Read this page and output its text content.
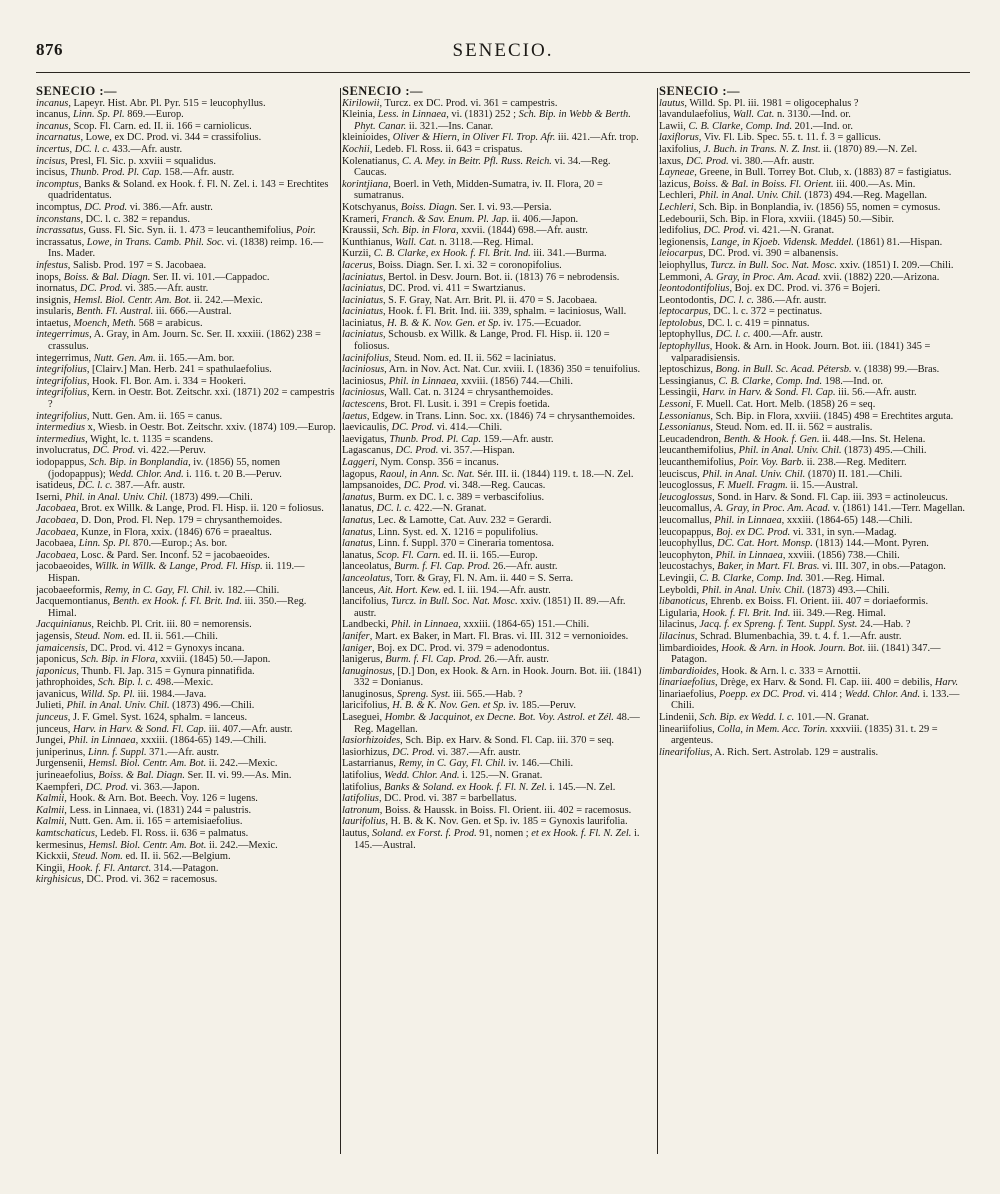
876	SENECIO.
SENECIO :—

incanus, Lapeyr. Hist. Abr. Pl. Pyr. 515 = leucophyllus.

incanus, Linn. Sp. Pl. 869.—Europ.

incanus, Scop. Fl. Carn. ed. II. ii. 166 = carniolicus.

incarnatus, Lowe, ex DC. Prod. vi. 344 = crassifolius.

incertus, DC. l. c. 433.—Afr. austr.

incisus, Presl, Fl. Sic. p. xxviii = squalidus.

incisus, Thunb. Prod. Pl. Cap. 158.—Afr. austr.

incomptus, Banks & Soland. ex Hook. f. Fl. N. Zel. i. 143 = Erechtites quadridentatus.

incomptus, DC. Prod. vi. 386.—Afr. austr.

inconstans, DC. l. c. 382 = repandus.

incrassatus, Guss. Fl. Sic. Syn. ii. 1. 473 = leucanthemifolius, Poir.

incrassatus, Lowe, in Trans. Camb. Phil. Soc. vi. (1838) reimp. 16.—Ins. Mader.

infestus, Salisb. Prod. 197 = S. Jacobaea.

inops, Boiss. & Bal. Diagn. Ser. II. vi. 101.—Cappadoc.

inornatus, DC. Prod. vi. 385.—Afr. austr.

insignis, Hemsl. Biol. Centr. Am. Bot. ii. 242.—Mexic.

insularis, Benth. Fl. Austral. iii. 666.—Austral.

intaetus, Moench, Meth. 568 = arabicus.

integerrimus, A. Gray, in Am. Journ. Sc. Ser. II. xxxiii. (1862) 238 = crassulus.

integerrimus, Nutt. Gen. Am. ii. 165.—Am. bor.

integrifolius, [Clairv.] Man. Herb. 241 = spathulaefolius.

integrifolius, Hook. Fl. Bor. Am. i. 334 = Hookeri.

integrifolius, Kern. in Oestr. Bot. Zeitschr. xxi. (1871) 202 = campestris ?

integrifolius, Nutt. Gen. Am. ii. 165 = canus.

intermedius x, Wiesb. in Oestr. Bot. Zeitschr. xxiv. (1874) 109.—Europ.

intermedius, Wight, lc. t. 1135 = scandens.

involucratus, DC. Prod. vi. 422.—Peruv.

iodopappus, Sch. Bip. in Bonplandia, iv. (1856) 55, nomen (jodopappus); Wedd. Chlor. And. i. 116. t. 20 B.—Peruv.

isatideus, DC. l. c. 387.—Afr. austr.

Iserni, Phil. in Anal. Univ. Chil. (1873) 499.—Chili.

Jacobaea, Brot. ex Willk. & Lange, Prod. Fl. Hisp. ii. 120 = foliosus.

Jacobaea, D. Don, Prod. Fl. Nep. 179 = chrysanthemoides.

Jacobaea, Kunze, in Flora, xxix. (1846) 676 = praealtus.

Jacobaea, Linn. Sp. Pl. 870.—Europ.; As. bor.

Jacobaea, Losc. & Pard. Ser. Inconf. 52 = jacobaeoides.

jacobaeoides, Willk. in Willk. & Lange, Prod. Fl. Hisp. ii. 119.—Hispan.

jacobaeeformis, Remy, in C. Gay, Fl. Chil. iv. 182.—Chili.

Jacquemontianus, Benth. ex Hook. f. Fl. Brit. Ind. iii. 350.—Reg. Himal.

Jacquinianus, Reichb. Pl. Crit. iii. 80 = nemorensis.

jagensis, Steud. Nom. ed. II. ii. 561.—Chili.

jamaicensis, DC. Prod. vi. 412 = Gynoxys incana.

japonicus, Sch. Bip. in Flora, xxviii. (1845) 50.—Japon.

japonicus, Thunb. Fl. Jap. 315 = Gynura pinnatifida.

jathrophoides, Sch. Bip. l. c. 498.—Mexic.

javanicus, Willd. Sp. Pl. iii. 1984.—Java.

Julieti, Phil. in Anal. Univ. Chil. (1873) 496.—Chili.

junceus, J. F. Gmel. Syst. 1624, sphalm. = lanceus.

junceus, Harv. in Harv. & Sond. Fl. Cap. iii. 407.—Afr. austr.

Jungei, Phil. in Linnaea, xxxiii. (1864-65) 149.—Chili.

juniperinus, Linn. f. Suppl. 371.—Afr. austr.

Jurgensenii, Hemsl. Biol. Centr. Am. Bot. ii. 242.—Mexic.

jurineaefolius, Boiss. & Bal. Diagn. Ser. II. vi. 99.—As. Min.

Kaempferi, DC. Prod. vi. 363.—Japon.

Kalmii, Hook. & Arn. Bot. Beech. Voy. 126 = lugens.

Kalmii, Less. in Linnaea, vi. (1831) 244 = palustris.

Kalmii, Nutt. Gen. Am. ii. 165 = artemisiaefolius.

kamtschaticus, Ledeb. Fl. Ross. ii. 636 = palmatus.

kermesinus, Hemsl. Biol. Centr. Am. Bot. ii. 242.—Mexic.

Kickxii, Steud. Nom. ed. II. ii. 562.—Belgium.

Kingii, Hook. f. Fl. Antarct. 314.—Patagon.

kirghisicus, DC. Prod. vi. 362 = racemosus.

SENECIO :—

Kirilowii, Turcz. ex DC. Prod. vi. 361 = campestris.

Kleinia, Less. in Linnaea, vi. (1831) 252 ; Sch. Bip. in Webb & Berth. Phyt. Canar. ii. 321.—Ins. Canar.

kleinioides, Oliver & Hiern, in Oliver Fl. Trop. Afr. iii. 421.—Afr. trop.

Kochii, Ledeb. Fl. Ross. ii. 643 = crispatus.

Kolenatianus, C. A. Mey. in Beitr. Pfl. Russ. Reich. vi. 34.—Reg. Caucas.

korintjiana, Boerl. in Veth, Midden-Sumatra, iv. II. Flora, 20 = sumatranus.

Kotschyanus, Boiss. Diagn. Ser. I. vi. 93.—Persia.

Krameri, Franch. & Sav. Enum. Pl. Jap. ii. 406.—Japon.

Kraussii, Sch. Bip. in Flora, xxvii. (1844) 698.—Afr. austr.

Kunthianus, Wall. Cat. n. 3118.—Reg. Himal.

Kurzii, C. B. Clarke, ex Hook. f. Fl. Brit. Ind. iii. 341.—Burma.

lacerus, Boiss. Diagn. Ser. I. xi. 32 = coronopifolius.

laciniatus, Bertol. in Desv. Journ. Bot. ii. (1813) 76 = nebrodensis.

laciniatus, DC. Prod. vi. 411 = Swartzianus.

laciniatus, S. F. Gray, Nat. Arr. Brit. Pl. ii. 470 = S. Jacobaea.

laciniatus, Hook. f. Fl. Brit. Ind. iii. 339, sphalm. = laciniosus, Wall.

laciniatus, H. B. & K. Nov. Gen. et Sp. iv. 175.—Ecuador.

laciniatus, Schousb. ex Willk. & Lange, Prod. Fl. Hisp. ii. 120 = foliosus.

lacinifolius, Steud. Nom. ed. II. ii. 562 = laciniatus.

laciniosus, Arn. in Nov. Act. Nat. Cur. xviii. I. (1836) 350 = tenuifolius.

laciniosus, Phil. in Linnaea, xxviii. (1856) 744.—Chili.

laciniosus, Wall. Cat. n. 3124 = chrysanthemoides.

lactescens, Brot. Fl. Lusit. i. 391 = Crepis foetida.

laetus, Edgew. in Trans. Linn. Soc. xx. (1846) 74 = chrysanthemoides.

laevicaulis, DC. Prod. vi. 414.—Chili.

laevigatus, Thunb. Prod. Pl. Cap. 159.—Afr. austr.

Lagascanus, DC. Prod. vi. 357.—Hispan.

Laggeri, Nym. Consp. 356 = incanus.

lagopus, Raoul, in Ann. Sc. Nat. Sér. III. ii. (1844) 119. t. 18.—N. Zel.

lampsanoides, DC. Prod. vi. 348.—Reg. Caucas.

lanatus, Burm. ex DC. l. c. 389 = verbascifolius.

lanatus, DC. l. c. 422.—N. Granat.

lanatus, Lec. & Lamotte, Cat. Auv. 232 = Gerardi.

lanatus, Linn. Syst. ed. X. 1216 = populifolius.

lanatus, Linn. f. Suppl. 370 = Cineraria tomentosa.

lanatus, Scop. Fl. Carn. ed. II. ii. 165.—Europ.

lanceolatus, Burm. f. Fl. Cap. Prod. 26.—Afr. austr.

lanceolatus, Torr. & Gray, Fl. N. Am. ii. 440 = S. Serra.

lanceus, Ait. Hort. Kew. ed. I. iii. 194.—Afr. austr.

lancifolius, Turcz. in Bull. Soc. Nat. Mosc. xxiv. (1851) II. 89.—Afr. austr.

Landbecki, Phil. in Linnaea, xxxiii. (1864-65) 151.—Chili.

lanifer, Mart. ex Baker, in Mart. Fl. Bras. vi. III. 312 = vernonioides.

laniger, Boj. ex DC. Prod. vi. 379 = adenodontus.

lanigerus, Burm. f. Fl. Cap. Prod. 26.—Afr. austr.

lanuginosus, [D.] Don, ex Hook. & Arn. in Hook. Journ. Bot. iii. (1841) 332 = Donianus.

lanuginosus, Spreng. Syst. iii. 565.—Hab. ?

laricifolius, H. B. & K. Nov. Gen. et Sp. iv. 185.—Peruv.

Laseguei, Hombr. & Jacquinot, ex Decne. Bot. Voy. Astrol. et Zél. 48.—Reg. Magellan.

lasiorhizoides, Sch. Bip. ex Harv. & Sond. Fl. Cap. iii. 370 = seq.

lasiorhizus, DC. Prod. vi. 387.—Afr. austr.

Lastarrianus, Remy, in C. Gay, Fl. Chil. iv. 146.—Chili.

latifolius, Wedd. Chlor. And. i. 125.—N. Granat.

latifolius, Banks & Soland. ex Hook. f. Fl. N. Zel. i. 145.—N. Zel.

latifolius, DC. Prod. vi. 387 = barbellatus.

latronum, Boiss. & Haussk. in Boiss. Fl. Orient. iii. 402 = racemosus.

laurifolius, H. B. & K. Nov. Gen. et Sp. iv. 185 = Gynoxis laurifolia.

lautus, Soland. ex Forst. f. Prod. 91, nomen ; et ex Hook. f. Fl. N. Zel. i. 145.—Austral.

SENECIO :—

lautus, Willd. Sp. Pl. iii. 1981 = oligocephalus ?

lavandulaefolius, Wall. Cat. n. 3130.—Ind. or.

Lawii, C. B. Clarke, Comp. Ind. 201.—Ind. or.

laxiflorus, Viv. Fl. Lib. Spec. 55. t. 11. f. 3 = gallicus.

laxifolius, J. Buch. in Trans. N. Z. Inst. ii. (1870) 89.—N. Zel.

laxus, DC. Prod. vi. 380.—Afr. austr.

Layneae, Greene, in Bull. Torrey Bot. Club, x. (1883) 87 = fastigiatus.

lazicus, Boiss. & Bal. in Boiss. Fl. Orient. iii. 400.—As. Min.

Lechleri, Phil. in Anal. Univ. Chil. (1873) 494.—Reg. Magellan.

Lechleri, Sch. Bip. in Bonplandia, iv. (1856) 55, nomen = cymosus.

Ledebourii, Sch. Bip. in Flora, xxviii. (1845) 50.—Sibir.

ledifolius, DC. Prod. vi. 421.—N. Granat.

legionensis, Lange, in Kjoeb. Vidensk. Meddel. (1861) 81.—Hispan.

leiocarpus, DC. Prod. vi. 390 = albanensis.

leiophyllus, Turcz. in Bull. Soc. Nat. Mosc. xxiv. (1851) I. 209.—Chili.

Lemmoni, A. Gray, in Proc. Am. Acad. xvii. (1882) 220.—Arizona.

leontodontifolius, Boj. ex DC. Prod. vi. 376 = Bojeri.

Leontodontis, DC. l. c. 386.—Afr. austr.

leptocarpus, DC. l. c. 372 = pectinatus.

leptolobus, DC. l. c. 419 = pinnatus.

leptophyllus, DC. l. c. 400.—Afr. austr.

leptophyllus, Hook. & Arn. in Hook. Journ. Bot. iii. (1841) 345 = valparadisiensis.

leptoschizus, Bong. in Bull. Sc. Acad. Pétersb. v. (1838) 99.—Bras.

Lessingianus, C. B. Clarke, Comp. Ind. 198.—Ind. or.

Lessingii, Harv. in Harv. & Sond. Fl. Cap. iii. 56.—Afr. austr.

Lessoni, F. Muell. Cat. Hort. Melb. (1858) 26 = seq.

Lessonianus, Sch. Bip. in Flora, xxviii. (1845) 498 = Erechtites arguta.

Lessonianus, Steud. Nom. ed. II. ii. 562 = australis.

Leucadendron, Benth. & Hook. f. Gen. ii. 448.—Ins. St. Helena.

leucanthemifolius, Phil. in Anal. Univ. Chil. (1873) 495.—Chili.

leucanthemifolius, Poir. Voy. Barb. ii. 238.—Reg. Mediterr.

leuciscus, Phil. in Anal. Univ. Chil. (1870) II. 181.—Chili.

leucoglossus, F. Muell. Fragm. ii. 15.—Austral.

leucoglossus, Sond. in Harv. & Sond. Fl. Cap. iii. 393 = actinoleucus.

leucomallus, A. Gray, in Proc. Am. Acad. v. (1861) 141.—Terr. Magellan.

leucomallus, Phil. in Linnaea, xxxiii. (1864-65) 148.—Chili.

leucopappus, Boj. ex DC. Prod. vi. 331, in syn.—Madag.

leucophyllus, DC. Cat. Hort. Monsp. (1813) 144.—Mont. Pyren.

leucophyton, Phil. in Linnaea, xxviii. (1856) 738.—Chili.

leucostachys, Baker, in Mart. Fl. Bras. vi. III. 307, in obs.—Patagon.

Levingii, C. B. Clarke, Comp. Ind. 301.—Reg. Himal.

Leyboldi, Phil. in Anal. Univ. Chil. (1873) 493.—Chili.

libanoticus, Ehrenb. ex Boiss. Fl. Orient. iii. 407 = doriaeformis.

Ligularia, Hook. f. Fl. Brit. Ind. iii. 349.—Reg. Himal.

lilacinus, Jacq. f. ex Spreng. f. Tent. Suppl. Syst. 24.—Hab. ?

lilacinus, Schrad. Blumenbachia, 39. t. 4. f. 1.—Afr. austr.

limbardioides, Hook. & Arn. in Hook. Journ. Bot. iii. (1841) 347.—Patagon.

limbardioides, Hook. & Arn. l. c. 333 = Arnottii.

linariaefolius, Drège, ex Harv. & Sond. Fl. Cap. iii. 400 = debilis, Harv.

linariaefolius, Poepp. ex DC. Prod. vi. 414 ; Wedd. Chlor. And. i. 133.—Chili.

Lindenii, Sch. Bip. ex Wedd. l. c. 101.—N. Granat.

lineariifolius, Colla, in Mem. Acc. Torin. xxxviii. (1835) 31. t. 29 = argenteus.

linearifolius, A. Rich. Sert. Astrolab. 129 = australis.
